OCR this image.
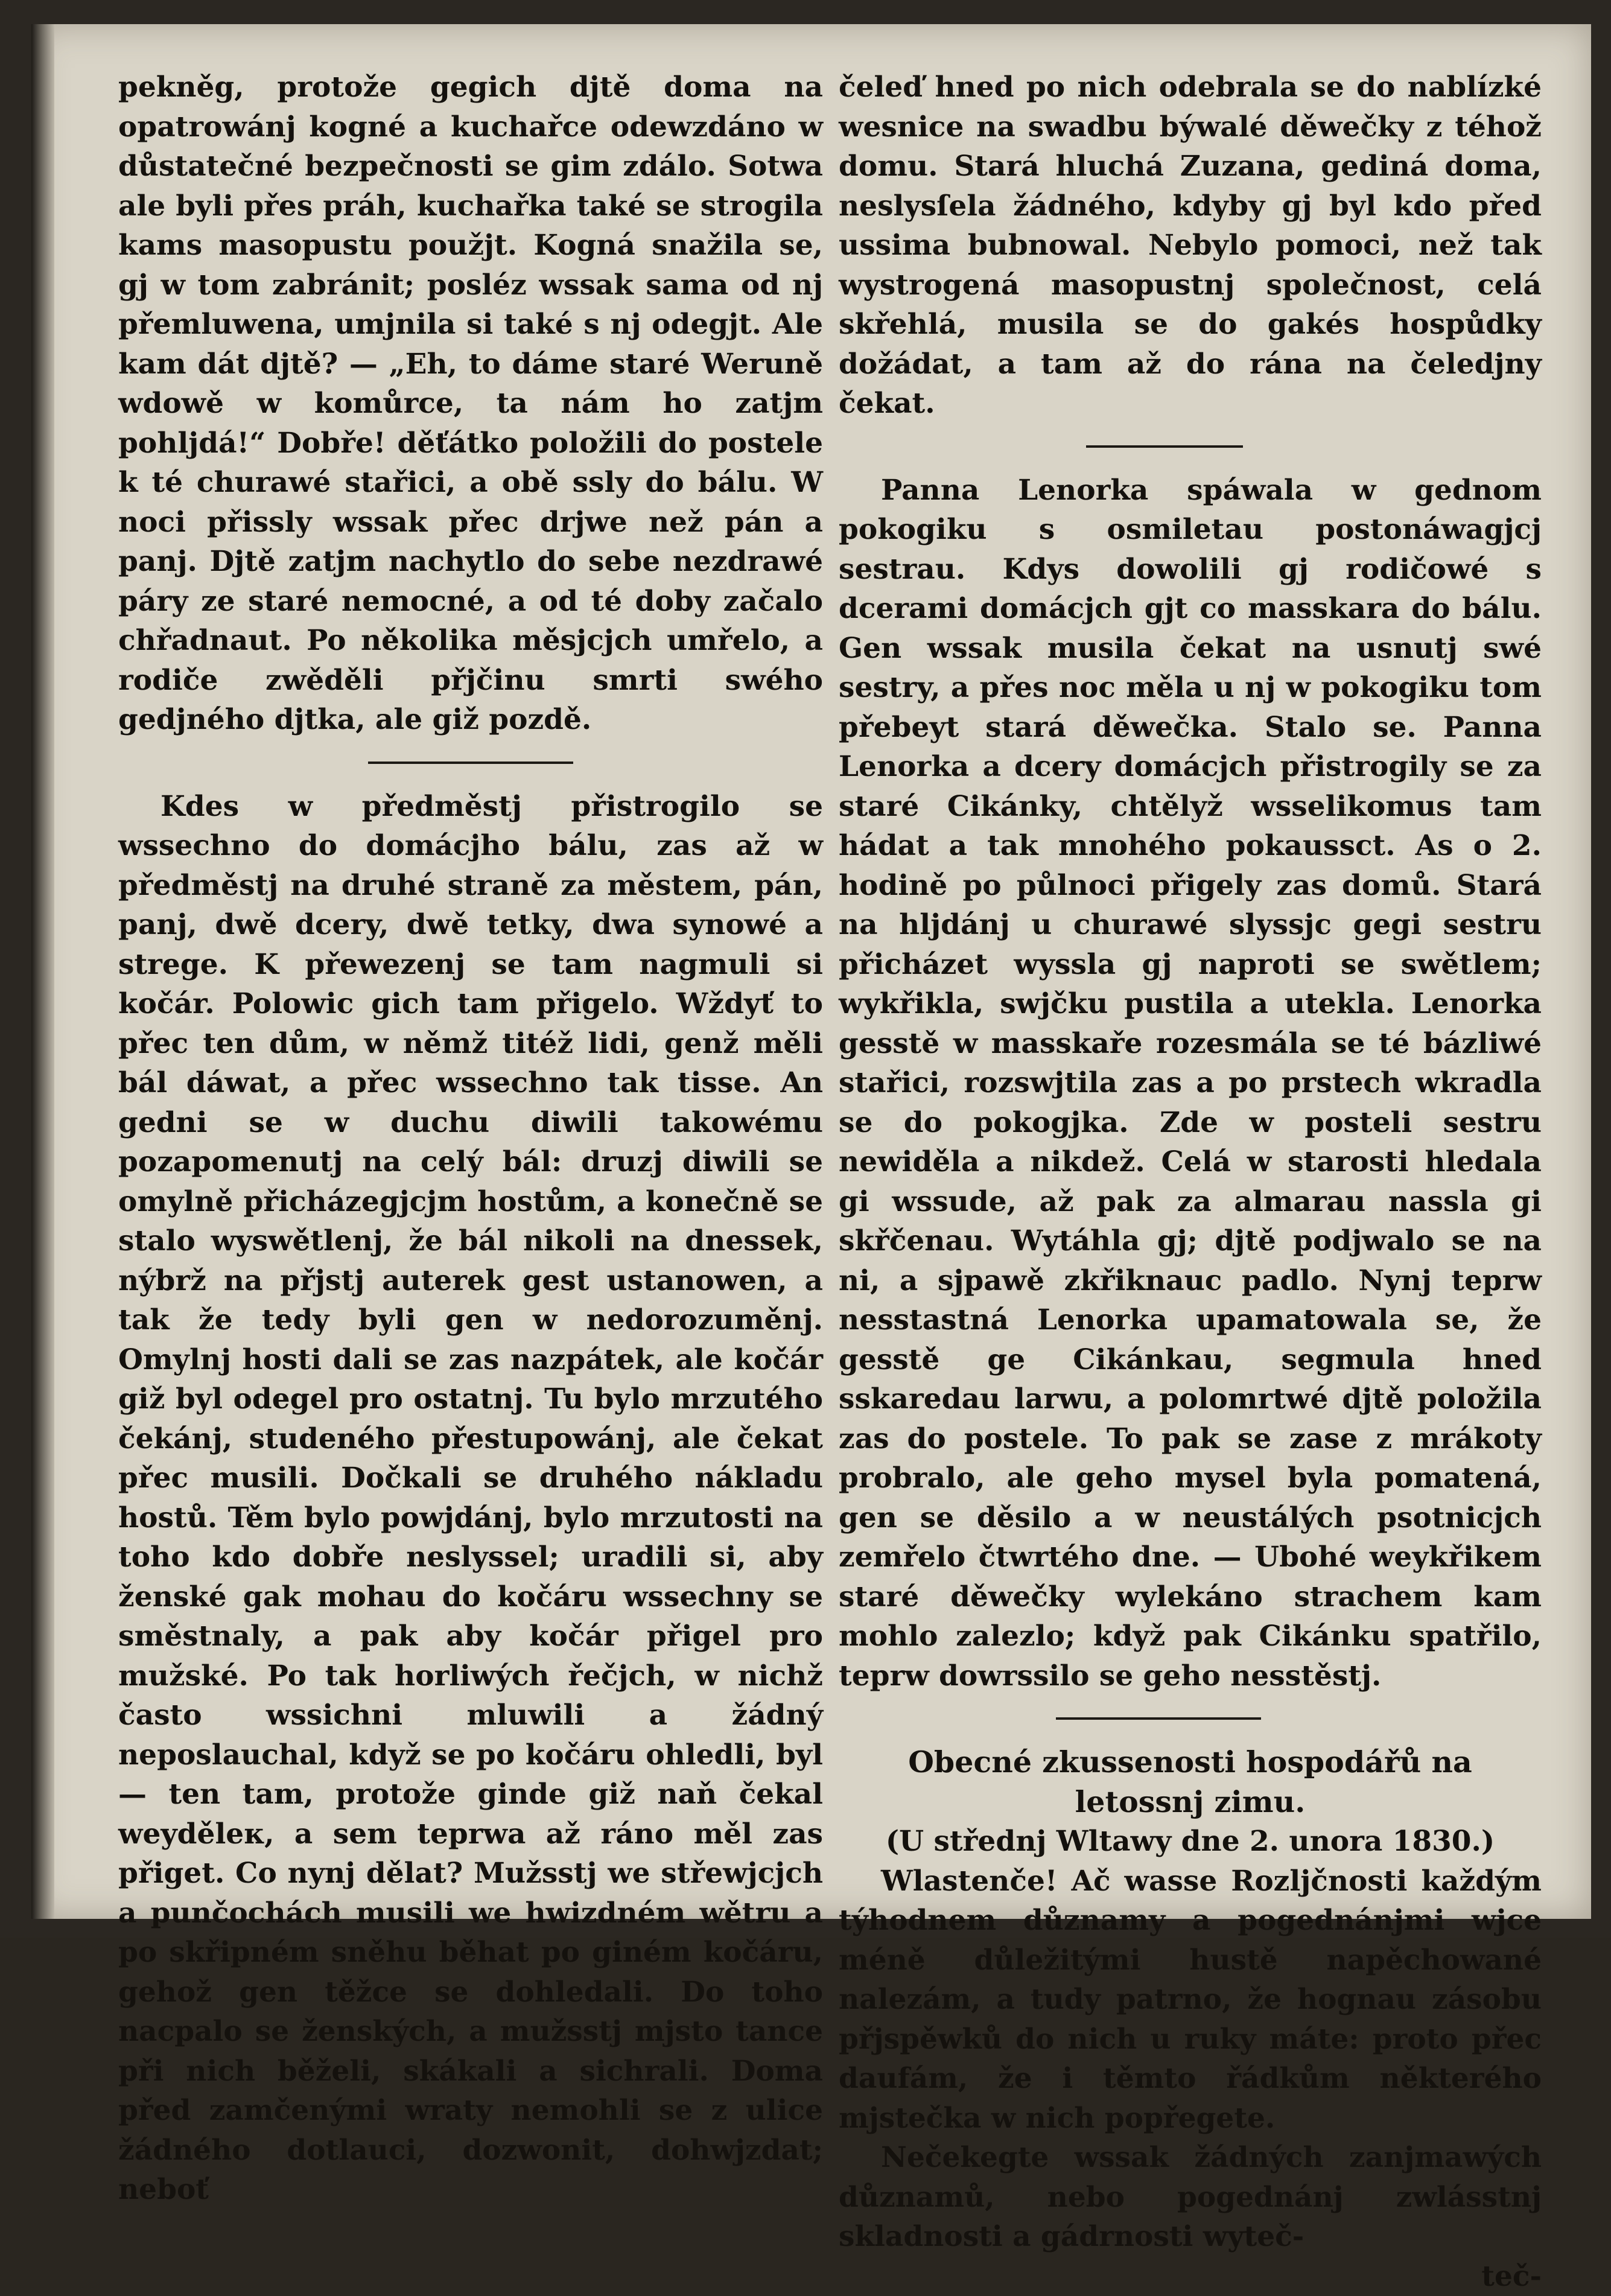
pekněg, protože gegich djtě doma na opatrowánj kogné a kuchařce odewzdáno w důstatečné bezpečnosti se gim zdálo. Sotwa ale byli přes práh, kuchařka také se strogila kams masopustu použjt. Kogná snažila se, gj w tom zabránit; posléz wssak sama od nj přemluwena, umjnila si také s nj odegjt. Ale kam dát djtě? — „Eh, to dáme staré Weruně wdowě w komůrce, ta nám ho zatjm pohljdá!“ Dobře! děťátko položili do postele k té churawé stařici, a obě ssly do bálu. W noci přissly wssak přec drjwe než pán a panj. Djtě zatjm nachytlo do sebe nezdrawé páry ze staré nemocné, a od té doby začalo chřadnaut. Po několika měsjcjch umřelo, a rodiče zwěděli přjčinu smrti swého gedjného djtka, ale giž pozdě.

Kdes w předměstj přistrogilo se wssechno do domácjho bálu, zas až w předměstj na druhé straně za městem, pán, panj, dwě dcery, dwě tetky, dwa synowé a strege. K přewezenj se tam nagmuli si kočár. Polowic gich tam přigelo. Wždyť to přec ten dům, w němž titéž lidi, genž měli bál dáwat, a přec wssechno tak tisse. An gedni se w duchu diwili takowému pozapomenutj na celý bál: druzj diwili se omylně přicházegjcjm hostům, a konečně se stalo wyswětlenj, že bál nikoli na dnessek, nýbrž na přjstj auterek gest ustanowen, a tak že tedy byli gen w nedorozuměnj. Omylnj hosti dali se zas nazpátek, ale kočár giž byl odegel pro ostatnj. Tu bylo mrzutého čekánj, studeného přestupowánj, ale čekat přec musili. Dočkali se druhého nákladu hostů. Těm bylo powjdánj, bylo mrzutosti na toho kdo dobře neslyssel; uradili si, aby ženské gak mohau do kočáru wssechny se směstnaly, a pak aby kočár přigel pro mužské. Po tak horliwých řečjch, w nichž často wssichni mluwili a žádný neposlauchal, když se po kočáru ohledli, byl — ten tam, protože ginde giž naň čekal weyděleк, a sem teprwa až ráno měl zas přiget. Co nynj dělat? Mužsstj we střewjcjch a punčochách musili we hwizdném wětru a po skřipném sněhu běhat po giném kočáru, gehož gen těžce se dohledali. Do toho nacpalo se ženských, a mužsstj mjsto tance při nich běželi, skákali a sichrali. Doma před zamčenými wraty nemohli se z ulice žádného dotlauci, dozwonit, dohwjzdat; neboť

čeleď hned po nich odebrala se do nablízké wesnice na swadbu býwalé děwečky z téhož domu. Stará hluchá Zuzana, gediná doma, neslysſela žádného, kdyby gj byl kdo před ussima bubnowal. Nebylo pomoci, než tak wystrogená masopustnj společnost, celá skřehlá, musila se do gakés hospůdky dožádat, a tam až do rána na čeledjny čekat.

Panna Lenorka spáwala w gednom pokogiku s osmiletau postonáwagjcj sestrau. Kdys dowolili gj rodičowé s dcerami domácjch gjt co masskara do bálu. Gen wssak musila čekat na usnutj swé sestry, a přes noc měla u nj w pokogiku tom přebeyt stará děwečka. Stalo se. Panna Lenorka a dcery domácjch přistrogily se za staré Cikánky, chtělyž wsselikomus tam hádat a tak mnohého pokaussct. As o 2. hodině po půlnoci přigely zas domů. Stará na hljdánj u churawé slyssjc gegi sestru přicházet wyssla gj naproti se swětlem; wykřikla, swjčku pustila a utekla. Lenorka gesstě w masskaře rozesmála se té bázliwé stařici, rozswjtila zas a po prstech wkradla se do pokogjka. Zde w posteli sestru newiděla a nikdež. Celá w starosti hledala gi wssude, až pak za almarau nassla gi skřčenau. Wytáhla gj; djtě podjwalo se na ni, a sjpawě zkřiknauc padlo. Nynj teprw nesstastná Lenorka upamatowala se, že gesstě ge Cikánkau, segmula hned sskaredau larwu, a polomrtwé djtě položila zas do postele. To pak se zase z mrákoty probralo, ale geho mysel byla pomatená, gen se děsilo a w neustálých psotnicjch zemřelo čtwrtého dne. — Ubohé weykřikem staré děwečky wylekáno strachem kam mohlo zalezlo; když pak Cikánku spatřilo, teprw dowrssilo se geho nesstěstj.

Obecné zkussenosti hospodářů na letossnj zimu.

(U střednj Wltawy dne 2. unora 1830.)

Wlastenče! Ač wasse Rozljčnosti každým týhodnem důznamy a pogednánjmi wjce méně důležitými hustě napěchowané nalezám, a tudy patrno, že hognau zásobu přjspěwků do nich u ruky máte: proto přec daufám, že i těmto řádkům některého mjstečka w nich popřegete.

Nečekegte wssak žádných zanjmawých důznamů, nebo pogednánj zwlásstnj skladnosti a gádrnosti wyteč-

teč-
